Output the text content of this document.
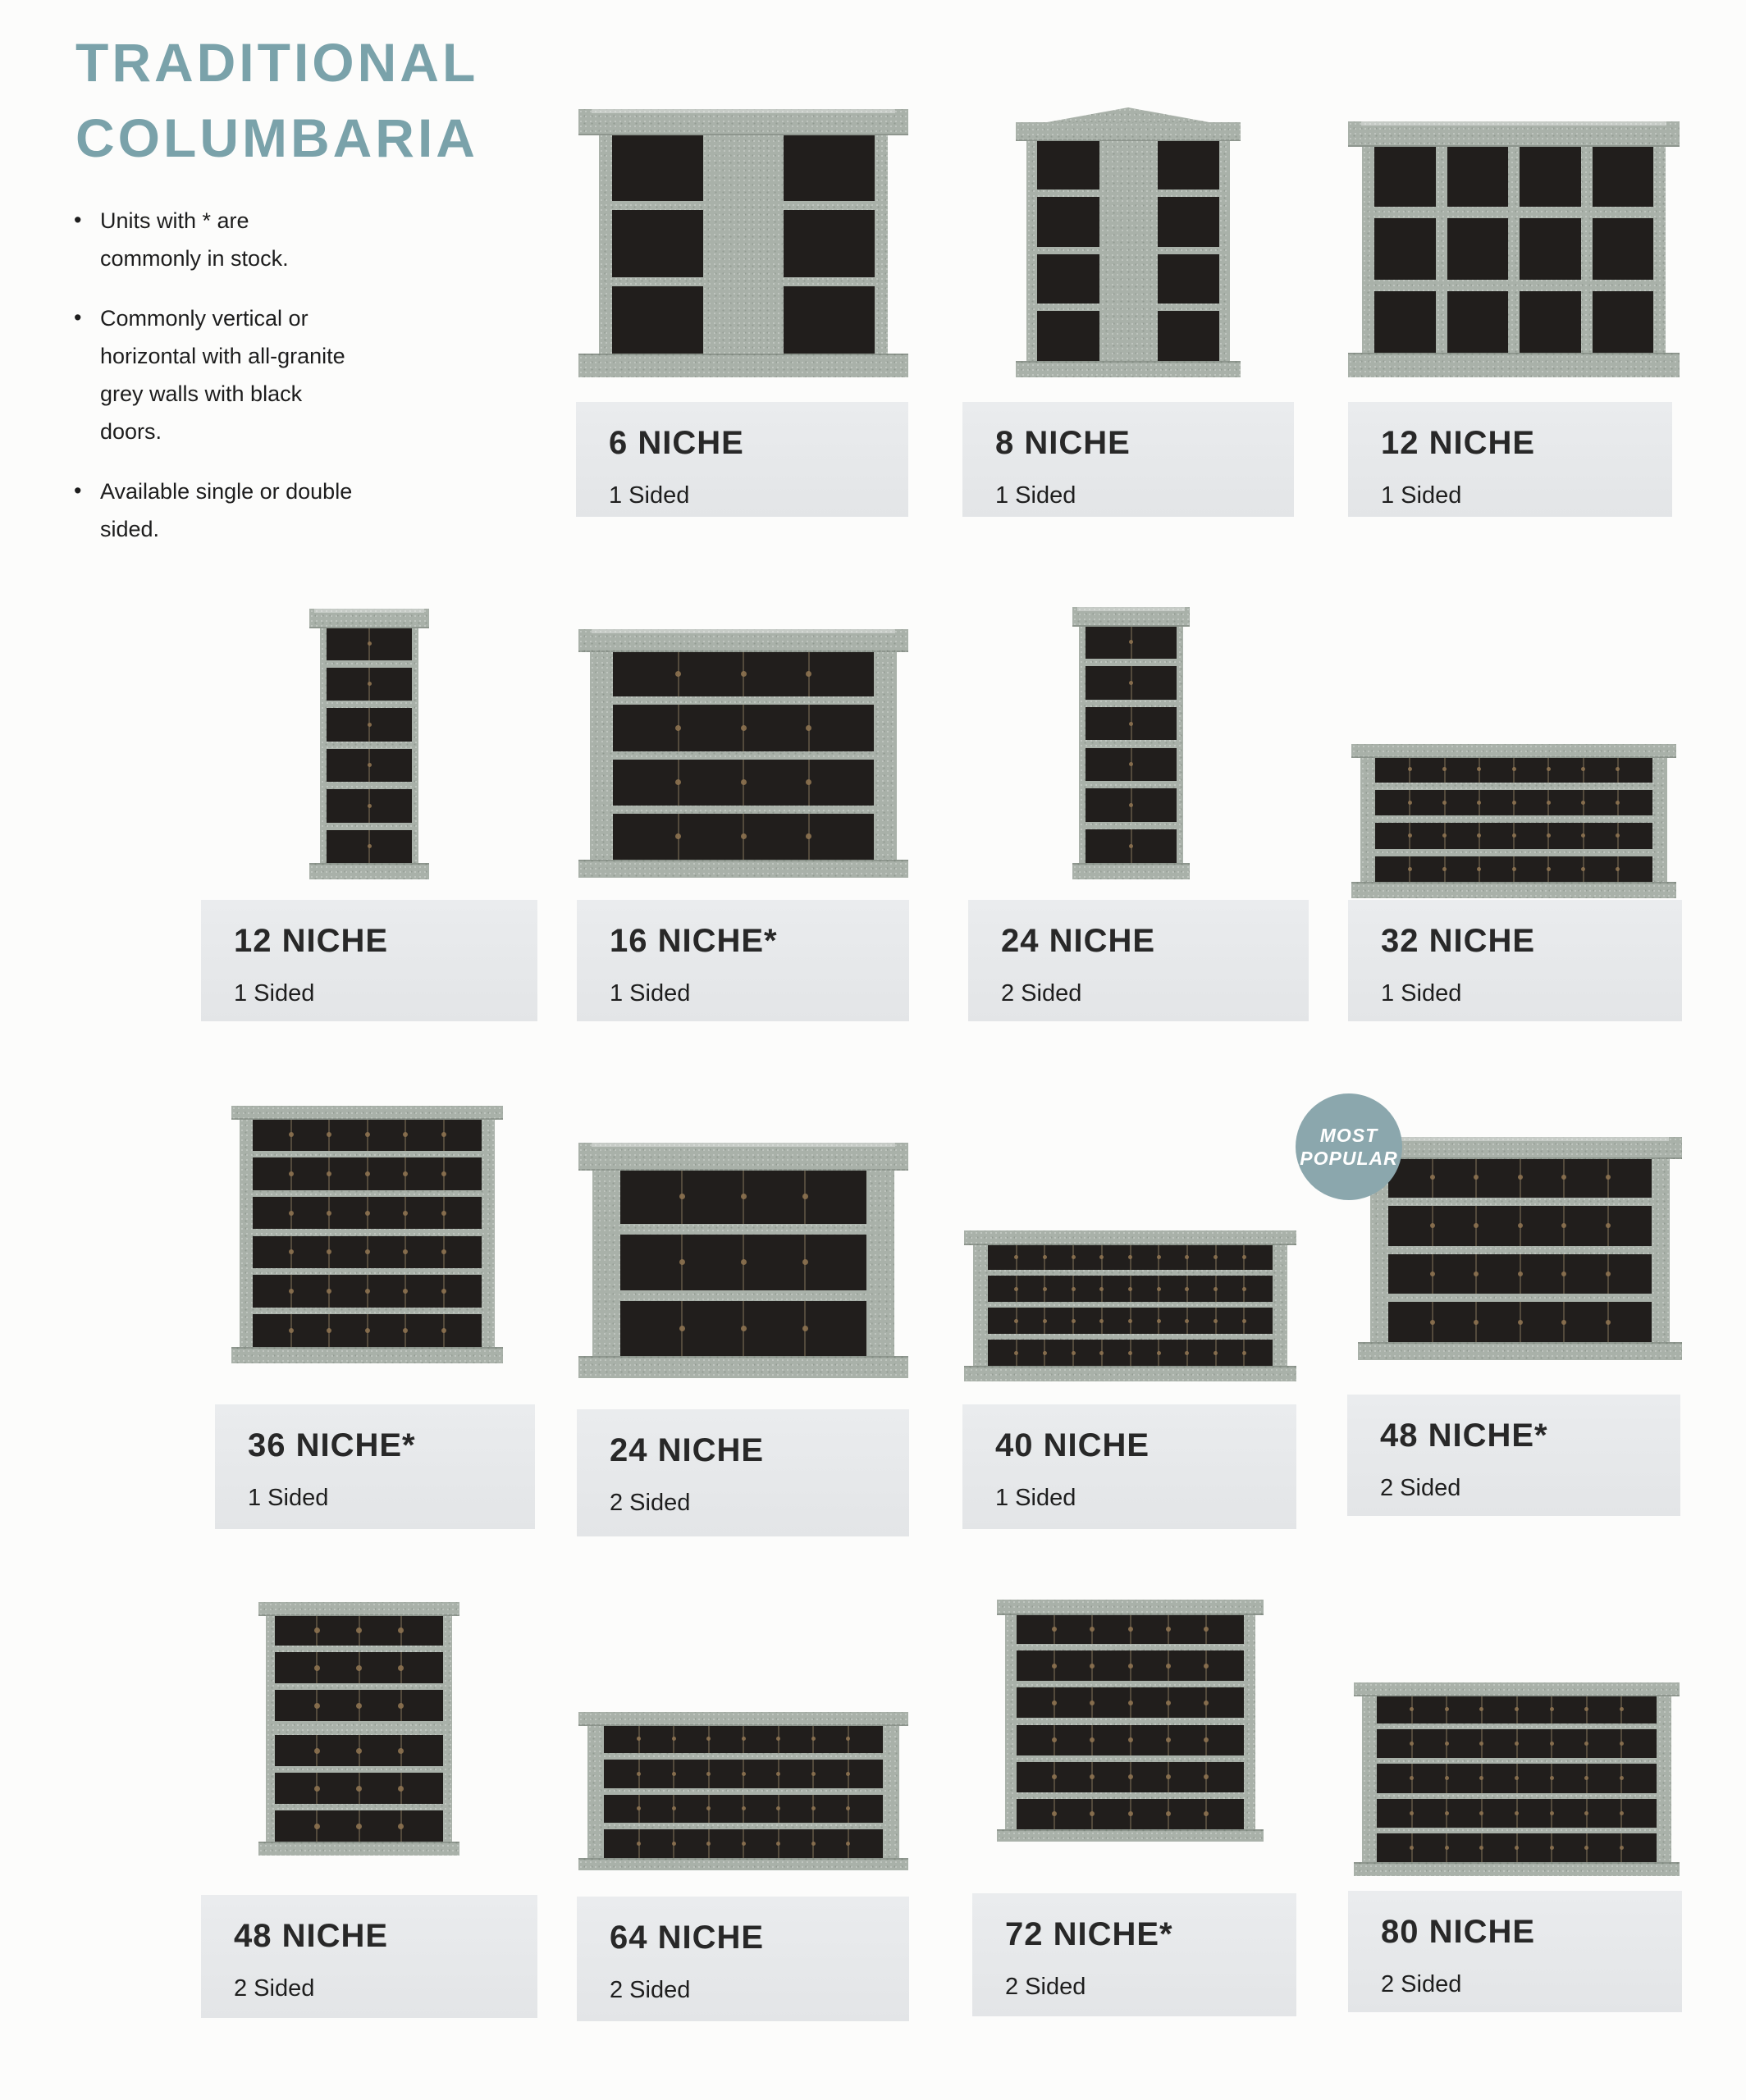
TRADITIONAL
COLUMBARIA
• Units with * are commonly in stock.
• Commonly vertical or horizontal with all-granite grey walls with black doors.
• Available single or double sided.
6 NICHE
1 Sided
8 NICHE
1 Sided
12 NICHE
1 Sided
12 NICHE
1 Sided
16 NICHE*
1 Sided
24 NICHE
2 Sided
32 NICHE
1 Sided
36 NICHE*
1 Sided
24 NICHE
2 Sided
40 NICHE
1 Sided
48 NICHE*
2 Sided
48 NICHE
2 Sided
64 NICHE
2 Sided
72 NICHE*
2 Sided
80 NICHE
2 Sided
MOST
POPULAR
